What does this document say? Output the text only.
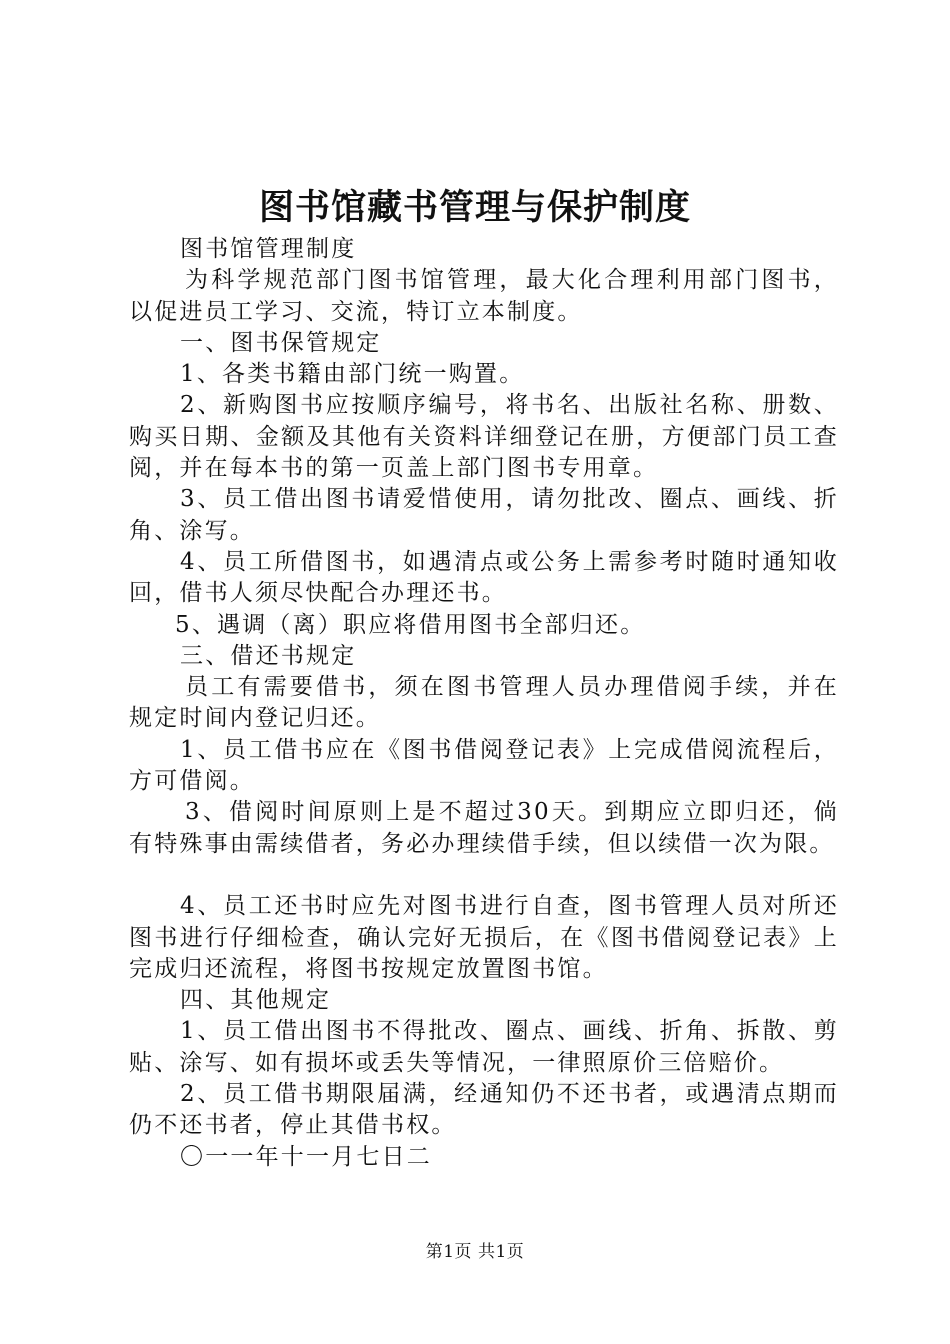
图书馆藏书管理与保护制度

图书馆管理制度

为科学规范部门图书馆管理，最大化合理利用部门图书，以促进员工学习、交流，特订立本制度。

一、图书保管规定

1、各类书籍由部门统一购置。

2、新购图书应按顺序编号，将书名、出版社名称、册数、购买日期、金额及其他有关资料详细登记在册，方便部门员工查阅，并在每本书的第一页盖上部门图书专用章。

3、员工借出图书请爱惜使用，请勿批改、圈点、画线、折角、涂写。

4、员工所借图书，如遇清点或公务上需参考时随时通知收回，借书人须尽快配合办理还书。

5、遇调（离）职应将借用图书全部归还。

三、借还书规定

员工有需要借书，须在图书管理人员办理借阅手续，并在规定时间内登记归还。

1、员工借书应在《图书借阅登记表》上完成借阅流程后，方可借阅。

3、借阅时间原则上是不超过30天。到期应立即归还，倘有特殊事由需续借者，务必办理续借手续，但以续借一次为限。

4、员工还书时应先对图书进行自查，图书管理人员对所还图书进行仔细检查，确认完好无损后，在《图书借阅登记表》上完成归还流程，将图书按规定放置图书馆。

四、其他规定

1、员工借出图书不得批改、圈点、画线、折角、拆散、剪贴、涂写、如有损坏或丢失等情况，一律照原价三倍赔价。

2、员工借书期限届满，经通知仍不还书者，或遇清点期而仍不还书者，停止其借书权。

〇一一年十一月七日二

第1页 共1页
